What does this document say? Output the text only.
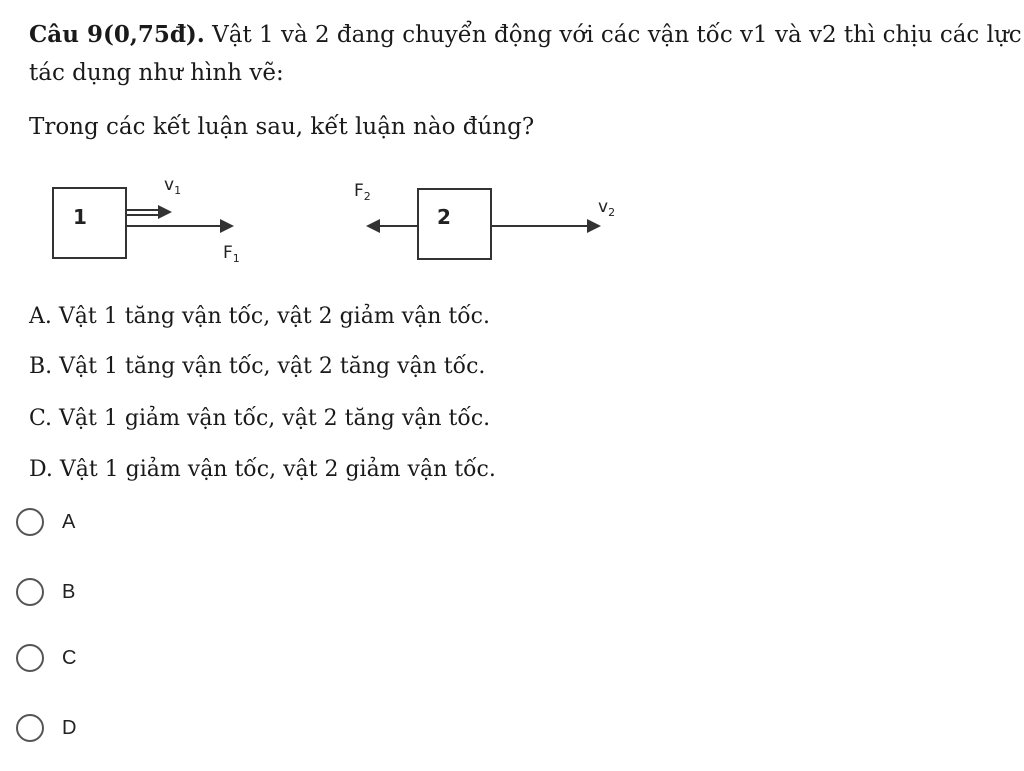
Câu 9(0,75đ). Vật 1 và 2 đang chuyển động với các vận tốc v1 và v2 thì chịu các lực
tác dụng như hình vẽ:
Trong các kết luận sau, kết luận nào đúng?
1
$v_1$
$F_1$
2
$F_2$
$v_2$
A. Vật 1 tăng vận tốc, vật 2 giảm vận tốc.
B. Vật 1 tăng vận tốc, vật 2 tăng vận tốc.
C. Vật 1 giảm vận tốc, vật 2 tăng vận tốc.
D. Vật 1 giảm vận tốc, vật 2 giảm vận tốc.
A
B
C
D
